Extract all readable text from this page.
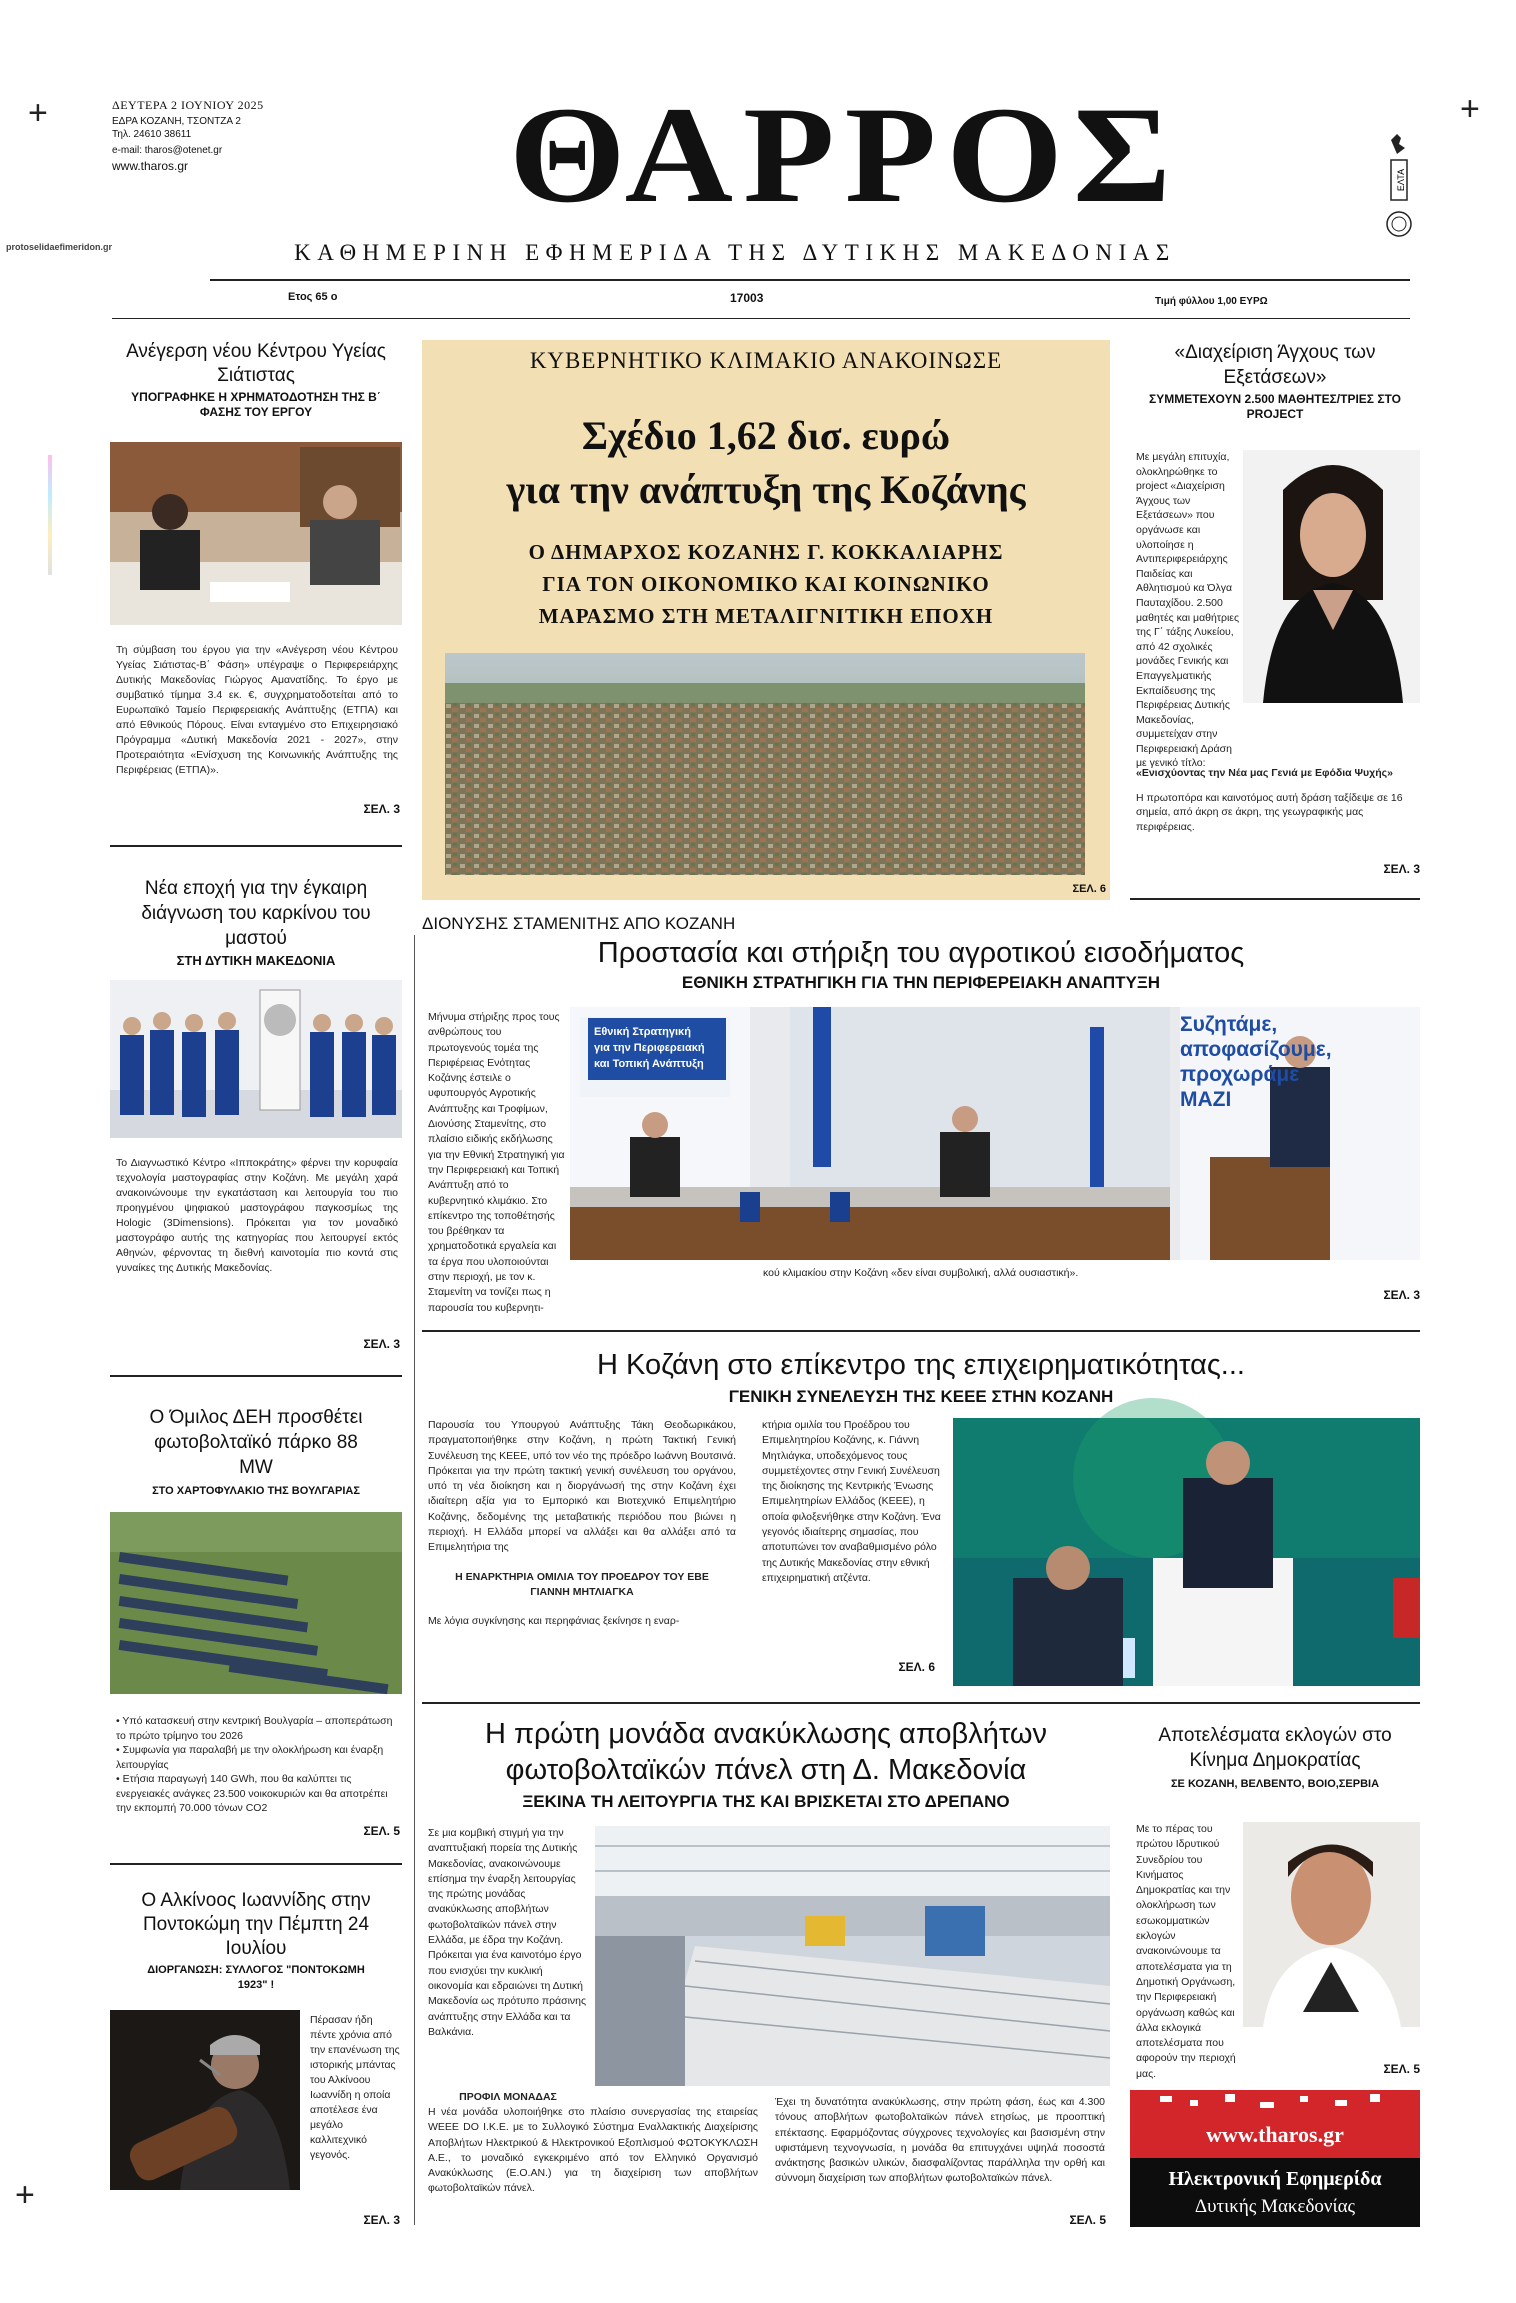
+	+
+
ΔΕΥΤΕΡΑ 2 ΙΟΥΝΙΟΥ 2025
ΕΔΡΑ ΚΟΖΑΝΗ, ΤΣΟΝΤΖΑ 2
Τηλ. 24610 38611
e-mail: tharos@otenet.gr
www.tharos.gr	ΘΑΡΡΟΣ	ΕΛΤΑ
protoselidaefimeridon.gr	ΚΑΘΗΜΕΡΙΝΗ ΕΦΗΜΕΡΙΔΑ ΤΗΣ ΔΥΤΙΚΗΣ ΜΑΚΕΔΟΝΙΑΣ
Ετος 65 ο	17003	Τιμή φύλλου 1,00 ΕΥΡΩ
Ανέγερση νέου Κέντρου Υγείας Σιάτιστας
ΥΠΟΓΡΑΦΗΚΕ Η ΧΡΗΜΑΤΟΔΟΤΗΣΗ ΤΗΣ Β΄ ΦΑΣΗΣ ΤΟΥ ΕΡΓΟΥ
Τη σύμβαση του έργου για την «Ανέγερση νέου Κέντρου Υγείας Σιάτιστας-Β΄ Φάση» υπέγραψε ο Περιφερειάρχης Δυτικής Μακεδονίας Γιώργος Αμανατίδης. Το έργο με συμβατικό τίμημα 3.4 εκ. €, συγχρηματοδοτείται από το Ευρωπαϊκό Ταμείο Περιφερειακής Ανάπτυξης (ΕΤΠΑ) και από Εθνικούς Πόρους. Είναι ενταγμένο στο Επιχειρησιακό Πρόγραμμα «Δυτική Μακεδονία 2021 - 2027», στην Προτεραιότητα «Ενίσχυση της Κοινωνικής Ανάπτυξης της Περιφέρειας (ΕΤΠΑ)».
ΣΕΛ. 3
Νέα εποχή για την έγκαιρη διάγνωση του καρκίνου του μαστού
ΣΤΗ ΔΥΤΙΚΗ ΜΑΚΕΔΟΝΙΑ
Το Διαγνωστικό Κέντρο «Ιπποκράτης» φέρνει την κορυφαία τεχνολογία μαστογραφίας στην Κοζάνη. Με μεγάλη χαρά ανακοινώνουμε την εγκατάσταση και λειτουργία του πιο προηγμένου ψηφιακού μαστογράφου παγκοσμίως της Hologic (3Dimensions). Πρόκειται για τον μοναδικό μαστογράφο αυτής της κατηγορίας που λειτουργεί εκτός Αθηνών, φέρνοντας τη διεθνή καινοτομία πιο κοντά στις γυναίκες της Δυτικής Μακεδονίας.
ΣΕΛ. 3
Ο Όμιλος ΔΕΗ προσθέτει φωτοβολταϊκό πάρκο 88 MW
ΣΤΟ ΧΑΡΤΟΦΥΛΑΚΙΟ ΤΗΣ ΒΟΥΛΓΑΡΙΑΣ
• Υπό κατασκευή στην κεντρική Βουλγαρία – αποπεράτωση το πρώτο τρίμηνο του 2026
• Συμφωνία για παραλαβή με την ολοκλήρωση και έναρξη λειτουργίας
• Ετήσια παραγωγή 140 GWh, που θα καλύπτει τις ενεργειακές ανάγκες 23.500 νοικοκυριών και θα αποτρέπει την εκπομπή 70.000 τόνων CO2
ΣΕΛ. 5
Ο Αλκίνοος Ιωαννίδης στην Ποντοκώμη την Πέμπτη 24 Ιουλίου
ΔΙΟΡΓΑΝΩΣΗ: ΣΥΛΛΟΓΟΣ "ΠΟΝΤΟΚΩΜΗ 1923" !
Πέρασαν ήδη πέντε χρόνια από την επανένωση της ιστορικής μπάντας του Αλκίνοου Ιωαννίδη η οποία αποτέλεσε ένα μεγάλο καλλιτεχνικό γεγονός.
ΣΕΛ. 3
ΚΥΒΕΡΝΗΤΙΚΟ ΚΛΙΜΑΚΙΟ ΑΝΑΚΟΙΝΩΣΕ
Σχέδιο 1,62 δισ. ευρώ
για την ανάπτυξη της Κοζάνης
Ο ΔΗΜΑΡΧΟΣ ΚΟΖΑΝΗΣ Γ. ΚΟΚΚΑΛΙΑΡΗΣ
ΓΙΑ ΤΟΝ ΟΙΚΟΝΟΜΙΚΟ ΚΑΙ ΚΟΙΝΩΝΙΚΟ
ΜΑΡΑΣΜΟ ΣΤΗ ΜΕΤΑΛΙΓΝΙΤΙΚΗ ΕΠΟΧΗ
ΣΕΛ. 6
«Διαχείριση Άγχους των Εξετάσεων»
ΣΥΜΜΕΤΕΧΟΥΝ 2.500 ΜΑΘΗΤΕΣ/ΤΡΙΕΣ ΣΤΟ PROJECT
Με μεγάλη επιτυχία, ολοκληρώθηκε το project «Διαχείριση Άγχους των Εξετάσεων» που οργάνωσε και υλοποίησε η Αντιπεριφερειάρχης Παιδείας και Αθλητισμού κα Όλγα Παυταχίδου. 2.500 μαθητές και μαθήτριες της Γ΄ τάξης Λυκείου, από 42 σχολικές μονάδες Γενικής και Επαγγελματικής Εκπαίδευσης της Περιφέρειας Δυτικής Μακεδονίας, συμμετείχαν στην Περιφερειακή Δράση με γενικό τίτλο:
«Ενισχύοντας την Νέα μας Γενιά με Εφόδια Ψυχής»
Η πρωτοπόρα και καινοτόμος αυτή δράση ταξίδεψε σε 16 σημεία, από άκρη σε άκρη, της γεωγραφικής μας περιφέρειας.
ΣΕΛ. 3
ΔΙΟΝΥΣΗΣ ΣΤΑΜΕΝΙΤΗΣ ΑΠΟ ΚΟΖΑΝΗ
Προστασία και στήριξη του αγροτικού εισοδήματος
ΕΘΝΙΚΗ ΣΤΡΑΤΗΓΙΚΗ ΓΙΑ ΤΗΝ ΠΕΡΙΦΕΡΕΙΑΚΗ ΑΝΑΠΤΥΞΗ
Μήνυμα στήριξης προς τους ανθρώπους του πρωτογενούς τομέα της Περιφέρειας Ενότητας Κοζάνης έστειλε ο υφυπουργός Αγροτικής Ανάπτυξης και Τροφίμων, Διονύσης Σταμενίτης, στο πλαίσιο ειδικής εκδήλωσης για την Εθνική Στρατηγική για την Περιφερειακή και Τοπική Ανάπτυξη από το κυβερνητικό κλιμάκιο. Στο επίκεντρο της τοποθέτησής του βρέθηκαν τα χρηματοδοτικά εργαλεία και τα έργα που υλοποιούνται στην περιοχή, με τον κ. Σταμενίτη να τονίζει πως η παρουσία του κυβερνητι-
Εθνική Στρατηγική
για την Περιφερειακή
και Τοπική Ανάπτυξη
Συζητάμε,
αποφασίζουμε,
προχωράμε
ΜΑΖΙ
κού κλιμακίου στην Κοζάνη «δεν είναι συμβολική, αλλά ουσιαστική».
ΣΕΛ. 3
Η Κοζάνη στο επίκεντρο της επιχειρηματικότητας...
ΓΕΝΙΚΗ ΣΥΝΕΛΕΥΣΗ ΤΗΣ ΚΕΕΕ ΣΤΗΝ ΚΟΖΑΝΗ
Παρουσία του Υπουργού Ανάπτυξης Τάκη Θεοδωρικάκου, πραγματοποιήθηκε στην Κοζάνη, η πρώτη Τακτική Γενική Συνέλευση της ΚΕΕΕ, υπό τον νέο της πρόεδρο Ιωάννη Βουτσινά. Πρόκειται για την πρώτη τακτική γενική συνέλευση του οργάνου, υπό τη νέα διοίκηση και η διοργάνωσή της στην Κοζάνη έχει ιδιαίτερη αξία για το Εμπορικό και Βιοτεχνικό Επιμελητήριο Κοζάνης, δεδομένης της μεταβατικής περιόδου που βιώνει η περιοχή. Η Ελλάδα μπορεί να αλλάξει και θα αλλάξει από τα Επιμελητήρια της
Η ΕΝΑΡΚΤΗΡΙΑ ΟΜΙΛΙΑ ΤΟΥ ΠΡΟΕΔΡΟΥ ΤΟΥ ΕΒΕ ΓΙΑΝΝΗ ΜΗΤΛΙΑΓΚΑ
Με λόγια συγκίνησης και περηφάνιας ξεκίνησε η εναρ-
κτήρια ομιλία του Προέδρου του Επιμελητηρίου Κοζάνης, κ. Γιάννη Μητλιάγκα, υποδεχόμενος τους συμμετέχοντες στην Γενική Συνέλευση της διοίκησης της Κεντρικής Ένωσης Επιμελητηρίων Ελλάδος (ΚΕΕΕ), η οποία φιλοξενήθηκε στην Κοζάνη. Ένα γεγονός ιδιαίτερης σημασίας, που αποτυπώνει τον αναβαθμισμένο ρόλο της Δυτικής Μακεδονίας στην εθνική επιχειρηματική ατζέντα.
ΣΕΛ. 6
Η πρώτη μονάδα ανακύκλωσης αποβλήτων
φωτοβολταϊκών πάνελ στη Δ. Μακεδονία
ΞΕΚΙΝΑ ΤΗ ΛΕΙΤΟΥΡΓΙΑ ΤΗΣ ΚΑΙ ΒΡΙΣΚΕΤΑΙ ΣΤΟ ΔΡΕΠΑΝΟ
Σε μια κομβική στιγμή για την αναπτυξιακή πορεία της Δυτικής Μακεδονίας, ανακοινώνουμε επίσημα την έναρξη λειτουργίας της πρώτης μονάδας ανακύκλωσης αποβλήτων φωτοβολταϊκών πάνελ στην Ελλάδα, με έδρα την Κοζάνη. Πρόκειται για ένα καινοτόμο έργο που ενισχύει την κυκλική οικονομία και εδραιώνει τη Δυτική Μακεδονία ως πρότυπο πράσινης ανάπτυξης στην Ελλάδα και τα Βαλκάνια.
ΠΡΟΦΙΛ ΜΟΝΑΔΑΣ
Η νέα μονάδα υλοποιήθηκε στο πλαίσιο συνεργασίας της εταιρείας WEEE DO I.K.E. με το Συλλογικό Σύστημα Εναλλακτικής Διαχείρισης Αποβλήτων Ηλεκτρικού & Ηλεκτρονικού Εξοπλισμού ΦΩΤΟΚΥΚΛΩΣΗ Α.Ε., το μοναδικό εγκεκριμένο από τον Ελληνικό Οργανισμό Ανακύκλωσης (Ε.Ο.ΑΝ.) για τη διαχείριση των αποβλήτων φωτοβολταϊκών πάνελ.
Έχει τη δυνατότητα ανακύκλωσης, στην πρώτη φάση, έως και 4.300 τόνους αποβλήτων φωτοβολταϊκών πάνελ ετησίως, με προοπτική επέκτασης. Εφαρμόζοντας σύγχρονες τεχνολογίες και βασισμένη στην υφιστάμενη τεχνογνωσία, η μονάδα θα επιτυγχάνει υψηλά ποσοστά ανάκτησης βασικών υλικών, διασφαλίζοντας παράλληλα την ορθή και σύννομη διαχείριση των αποβλήτων φωτοβολταϊκών πάνελ.
ΣΕΛ. 5
Αποτελέσματα εκλογών στο Κίνημα Δημοκρατίας
ΣΕ ΚΟΖΑΝΗ, ΒΕΛΒΕΝΤΟ, ΒΟΙΟ,ΣΕΡΒΙΑ
Με το πέρας του πρώτου Ιδρυτικού Συνεδρίου του Κινήματος Δημοκρατίας και την ολοκλήρωση των εσωκομματικών εκλογών ανακοινώνουμε τα αποτελέσματα για τη Δημοτική Οργάνωση, την Περιφερειακή οργάνωση καθώς και άλλα εκλογικά αποτελέσματα που αφορούν την περιοχή μας.	ΣΕΛ. 5
www.tharos.gr
Ηλεκτρονική Εφημερίδα
Δυτικής Μακεδονίας
